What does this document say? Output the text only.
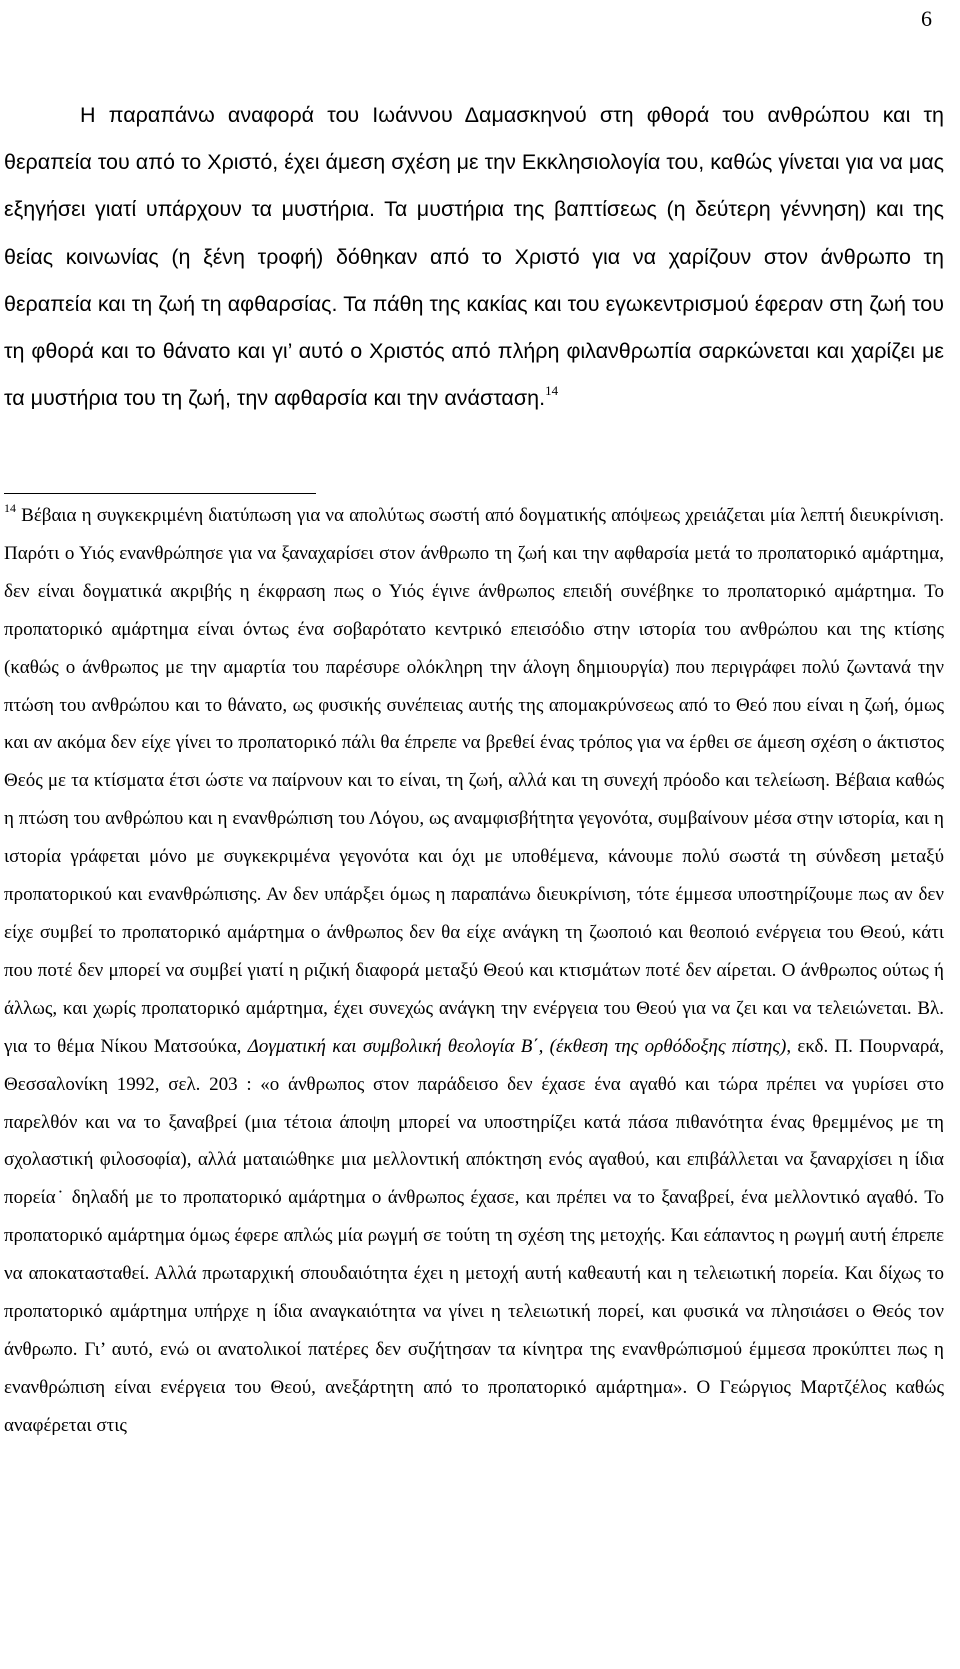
6

Η παραπάνω αναφορά του Ιωάννου Δαμασκηνού στη φθορά του ανθρώπου και τη θεραπεία του από το Χριστό, έχει άμεση σχέση με την Εκκλησιολογία του, καθώς γίνεται για να μας εξηγήσει γιατί υπάρχουν τα μυστήρια. Τα μυστήρια της βαπτίσεως (η δεύτερη γέννηση) και της θείας κοινωνίας (η ξένη τροφή) δόθηκαν από το Χριστό για να χαρίζουν στον άνθρωπο τη θεραπεία και τη ζωή τη αφθαρσίας. Τα πάθη της κακίας και του εγωκεντρισμού έφεραν στη ζωή του τη φθορά και το θάνατο και γι’ αυτό ο Χριστός από πλήρη φιλανθρωπία σαρκώνεται και χαρίζει με τα μυστήρια του τη ζωή, την αφθαρσία και την ανάσταση.$^{14}$

$^{14}$ Βέβαια η συγκεκριμένη διατύπωση για να απολύτως σωστή από δογματικής απόψεως χρειάζεται μία λεπτή διευκρίνιση. Παρότι ο Υιός ενανθρώπησε για να ξαναχαρίσει στον άνθρωπο τη ζωή και την αφθαρσία μετά το προπατορικό αμάρτημα, δεν είναι δογματικά ακριβής η έκφραση πως ο Υιός έγινε άνθρωπος επειδή συνέβηκε το προπατορικό αμάρτημα. Το προπατορικό αμάρτημα είναι όντως ένα σοβαρότατο κεντρικό επεισόδιο στην ιστορία του ανθρώπου και της κτίσης (καθώς ο άνθρωπος με την αμαρτία του παρέσυρε ολόκληρη την άλογη δημιουργία) που περιγράφει πολύ ζωντανά την πτώση του ανθρώπου και το θάνατο, ως φυσικής συνέπειας αυτής της απομακρύνσεως από το Θεό που είναι η ζωή, όμως και αν ακόμα δεν είχε γίνει το προπατορικό πάλι θα έπρεπε να βρεθεί ένας τρόπος για να έρθει σε άμεση σχέση ο άκτιστος Θεός με τα κτίσματα έτσι ώστε να παίρνουν και το είναι, τη ζωή, αλλά και τη συνεχή πρόοδο και τελείωση. Βέβαια καθώς η πτώση του ανθρώπου και η ενανθρώπιση του Λόγου, ως αναμφισβήτητα γεγονότα, συμβαίνουν μέσα στην ιστορία, και η ιστορία γράφεται μόνο με συγκεκριμένα γεγονότα και όχι με υποθέμενα, κάνουμε πολύ σωστά τη σύνδεση μεταξύ προπατορικού και ενανθρώπισης. Αν δεν υπάρξει όμως η παραπάνω διευκρίνιση, τότε έμμεσα υποστηρίζουμε πως αν δεν είχε συμβεί το προπατορικό αμάρτημα ο άνθρωπος δεν θα είχε ανάγκη τη ζωοποιό και θεοποιό ενέργεια του Θεού, κάτι που ποτέ δεν μπορεί να συμβεί γιατί η ριζική διαφορά μεταξύ Θεού και κτισμάτων ποτέ δεν αίρεται. Ο άνθρωπος ούτως ή άλλως, και χωρίς προπατορικό αμάρτημα, έχει συνεχώς ανάγκη την ενέργεια του Θεού για να ζει και να τελειώνεται. Βλ. για το θέμα Νίκου Ματσούκα, Δογματική και συμβολική θεολογία Β΄, (έκθεση της ορθόδοξης πίστης), εκδ. Π. Πουρναρά, Θεσσαλονίκη 1992, σελ. 203 : «ο άνθρωπος στον παράδεισο δεν έχασε ένα αγαθό και τώρα πρέπει να γυρίσει στο παρελθόν και να το ξαναβρεί (μια τέτοια άποψη μπορεί να υποστηρίζει κατά πάσα πιθανότητα ένας θρεμμένος με τη σχολαστική φιλοσοφία), αλλά ματαιώθηκε μια μελλοντική απόκτηση ενός αγαθού, και επιβάλλεται να ξαναρχίσει η ίδια πορεία˙ δηλαδή με το προπατορικό αμάρτημα ο άνθρωπος έχασε, και πρέπει να το ξαναβρεί, ένα μελλοντικό αγαθό. Το προπατορικό αμάρτημα όμως έφερε απλώς μία ρωγμή σε τούτη τη σχέση της μετοχής. Και εάπαντος η ρωγμή αυτή έπρεπε να αποκατασταθεί. Αλλά πρωταρχική σπουδαιότητα έχει η μετοχή αυτή καθεαυτή και η τελειωτική πορεία. Και δίχως το προπατορικό αμάρτημα υπήρχε η ίδια αναγκαιότητα να γίνει η τελειωτική πορεί, και φυσικά να πλησιάσει ο Θεός τον άνθρωπο. Γι’ αυτό, ενώ οι ανατολικοί πατέρες δεν συζήτησαν τα κίνητρα της ενανθρώπισμού έμμεσα προκύπτει πως η ενανθρώπιση είναι ενέργεια του Θεού, ανεξάρτητη από το προπατορικό αμάρτημα». Ο Γεώργιος Μαρτζέλος καθώς αναφέρεται στις
